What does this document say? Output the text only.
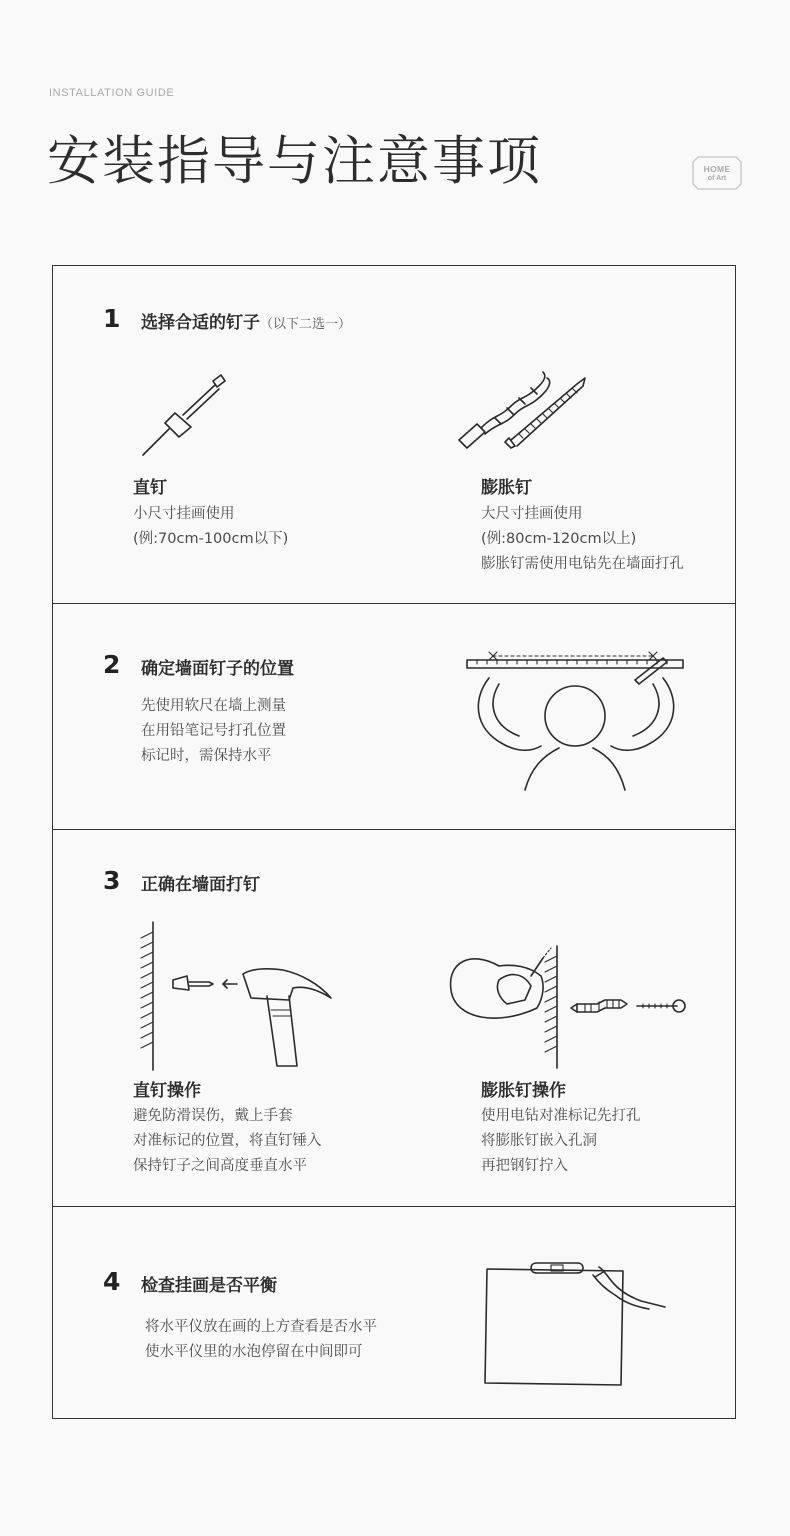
INSTALLATION GUIDE
安装指导与注意事项	HOME
of Art
1 选择合适的钉子（以下二选一）
直钉
小尺寸挂画使用
(例:70cm-100cm以下)
膨胀钉
大尺寸挂画使用
(例:80cm-120cm以上)
膨胀钉需使用电钻先在墙面打孔
2 确定墙面钉子的位置
先使用软尺在墙上测量
在用铅笔记号打孔位置
标记时，需保持水平
3 正确在墙面打钉
直钉操作
避免防滑误伤，戴上手套
对准标记的位置，将直钉锤入
保持钉子之间高度垂直水平
膨胀钉操作
使用电钻对准标记先打孔
将膨胀钉嵌入孔洞
再把钢钉拧入
4 检查挂画是否平衡
将水平仪放在画的上方查看是否水平
使水平仪里的水泡停留在中间即可
